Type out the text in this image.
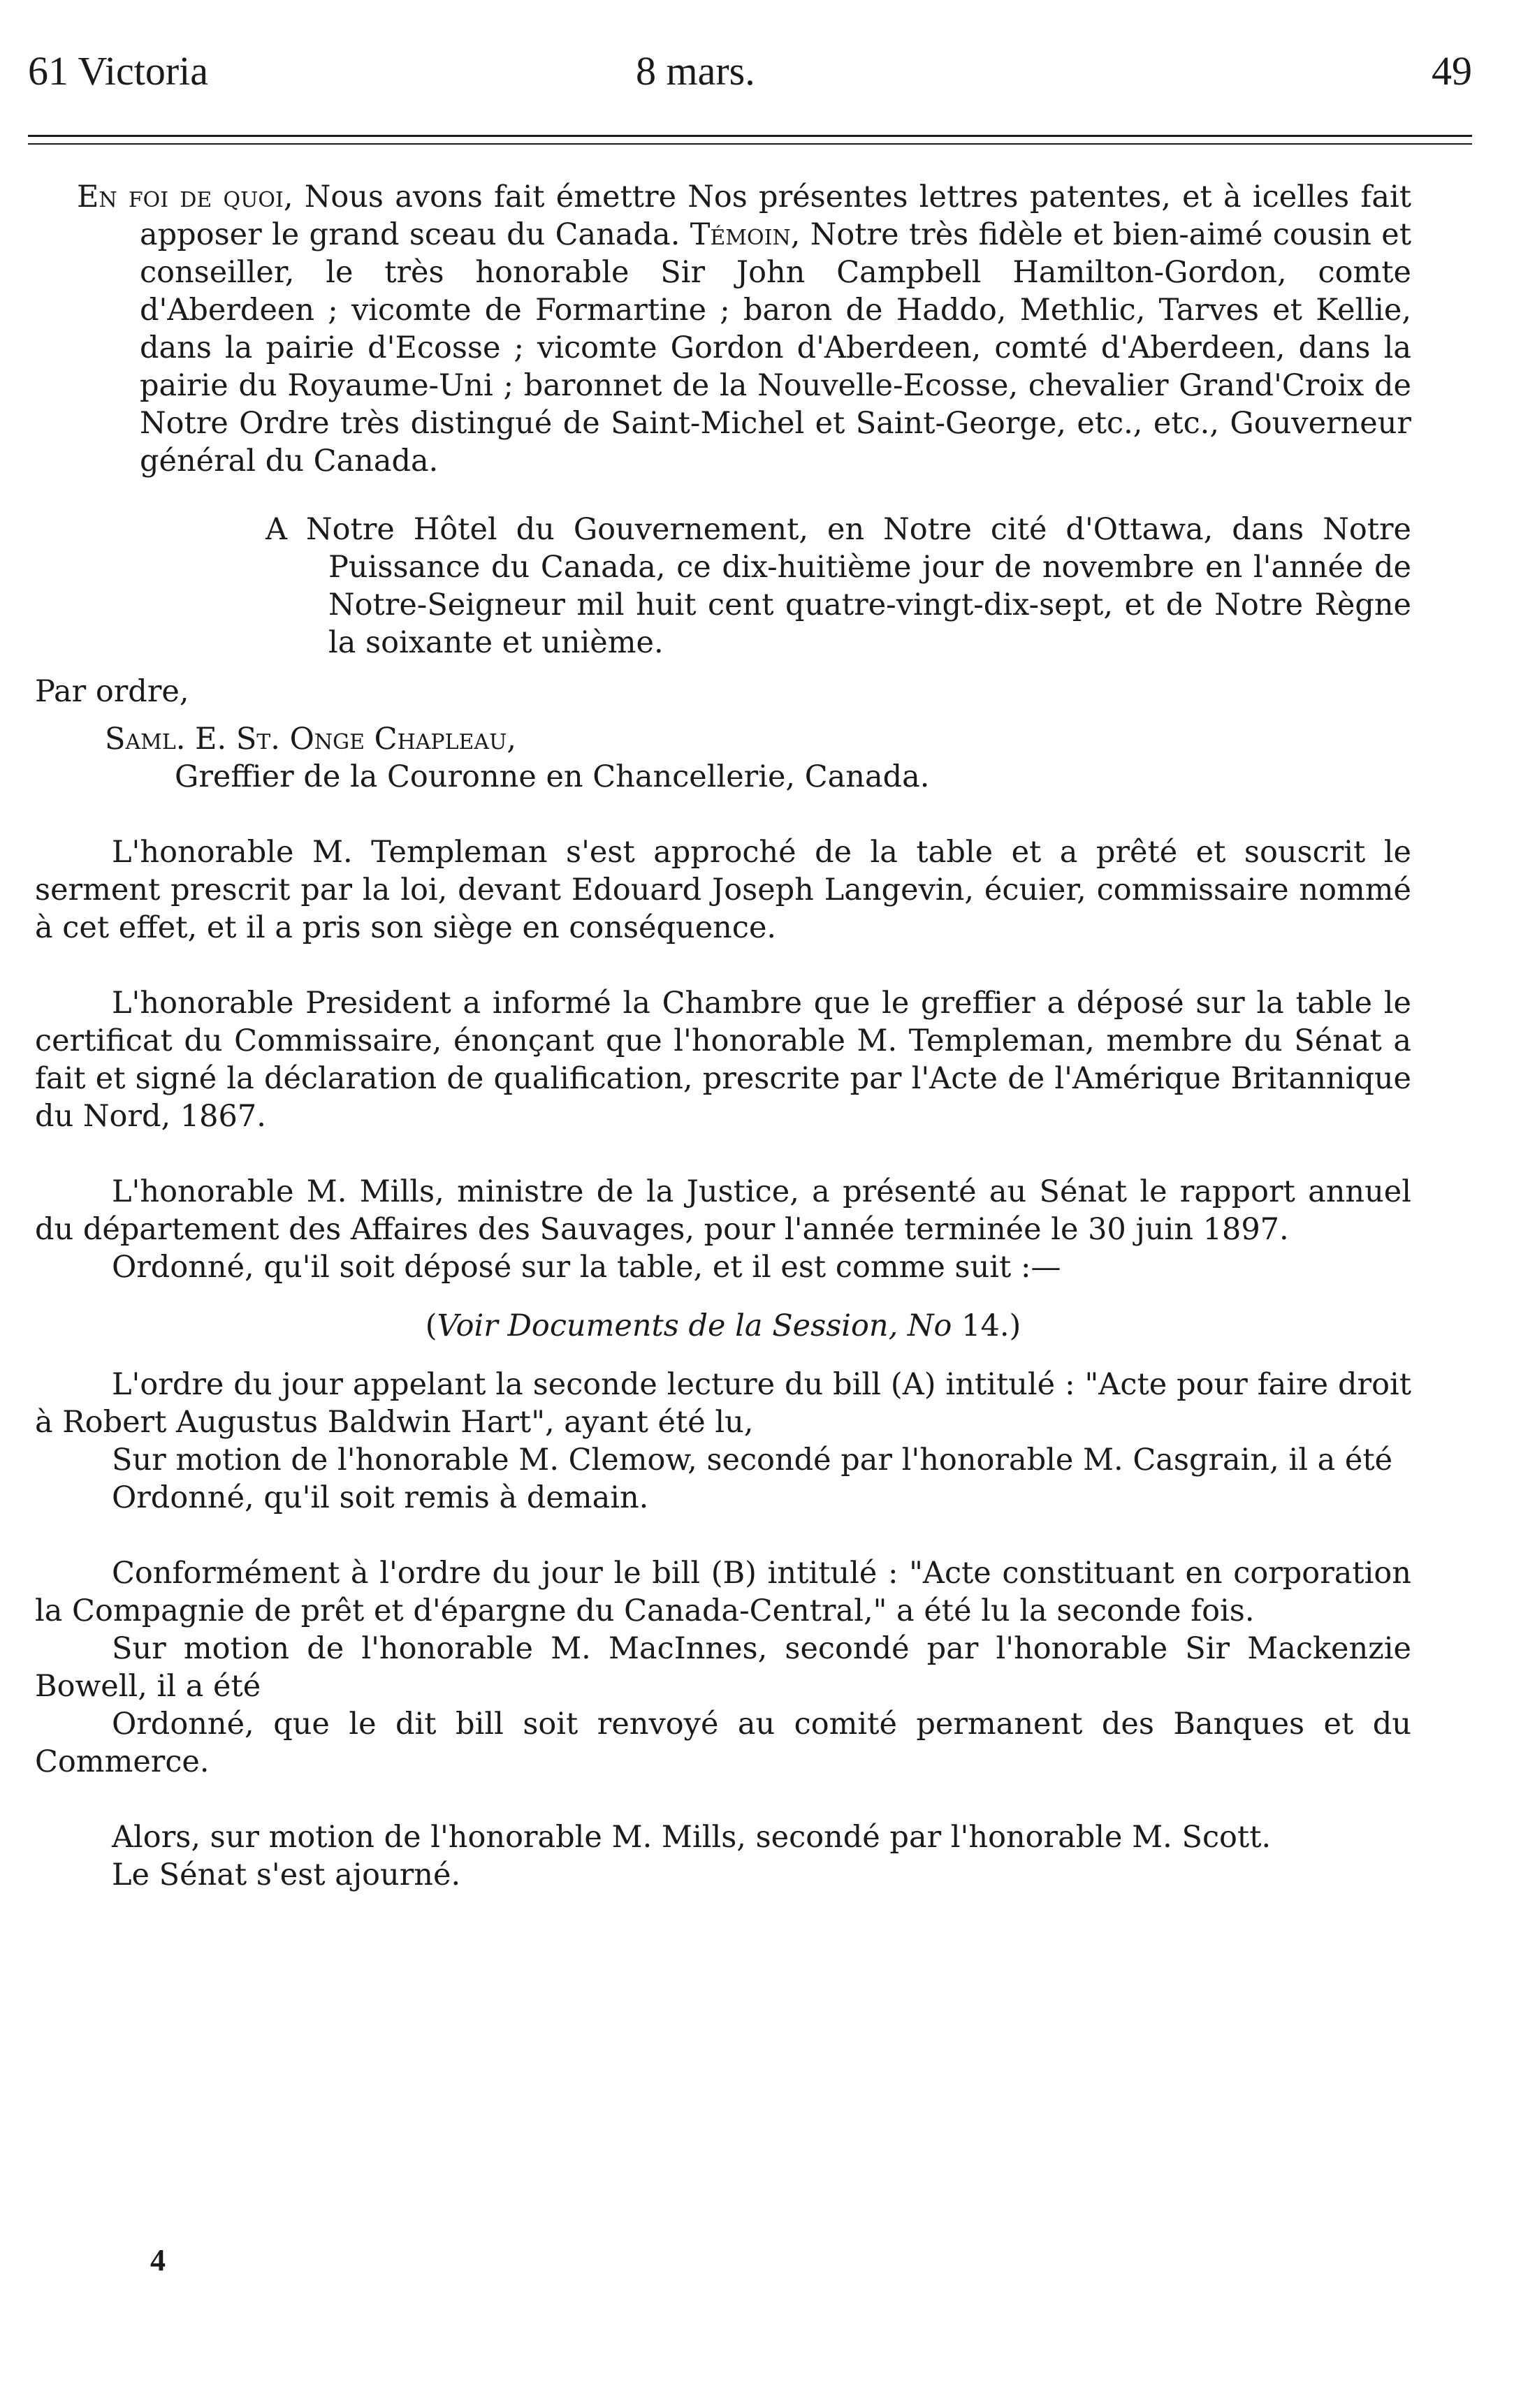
61 Victoria	8 mars.	49

En foi de quoi, Nous avons fait émettre Nos présentes lettres patentes, et à icelles fait apposer le grand sceau du Canada. Témoin, Notre très fidèle et bien-aimé cousin et conseiller, le très honorable Sir John Campbell Hamilton-Gordon, comte d'Aberdeen ; vicomte de Formartine ; baron de Haddo, Methlic, Tarves et Kellie, dans la pairie d'Ecosse ; vicomte Gordon d'Aberdeen, comté d'Aberdeen, dans la pairie du Royaume-Uni ; baronnet de la Nouvelle-Ecosse, chevalier Grand'Croix de Notre Ordre très distingué de Saint-Michel et Saint-George, etc., etc., Gouverneur général du Canada.

A Notre Hôtel du Gouvernement, en Notre cité d'Ottawa, dans Notre Puissance du Canada, ce dix-huitième jour de novembre en l'année de Notre-Seigneur mil huit cent quatre-vingt-dix-sept, et de Notre Règne la soixante et unième.

Par ordre,

Saml. E. St. Onge Chapleau,

Greffier de la Couronne en Chancellerie, Canada.

L'honorable M. Templeman s'est approché de la table et a prêté et souscrit le serment prescrit par la loi, devant Edouard Joseph Langevin, écuier, commissaire nommé à cet effet, et il a pris son siège en conséquence.

L'honorable President a informé la Chambre que le greffier a déposé sur la table le certificat du Commissaire, énonçant que l'honorable M. Templeman, membre du Sénat a fait et signé la déclaration de qualification, prescrite par l'Acte de l'Amérique Britannique du Nord, 1867.

L'honorable M. Mills, ministre de la Justice, a présenté au Sénat le rapport annuel du département des Affaires des Sauvages, pour l'année terminée le 30 juin 1897.

Ordonné, qu'il soit déposé sur la table, et il est comme suit :—

(Voir Documents de la Session, No 14.)

L'ordre du jour appelant la seconde lecture du bill (A) intitulé : "Acte pour faire droit à Robert Augustus Baldwin Hart", ayant été lu,

Sur motion de l'honorable M. Clemow, secondé par l'honorable M. Casgrain, il a été

Ordonné, qu'il soit remis à demain.

Conformément à l'ordre du jour le bill (B) intitulé : "Acte constituant en corporation la Compagnie de prêt et d'épargne du Canada-Central," a été lu la seconde fois.

Sur motion de l'honorable M. MacInnes, secondé par l'honorable Sir Mackenzie Bowell, il a été

Ordonné, que le dit bill soit renvoyé au comité permanent des Banques et du Commerce.

Alors, sur motion de l'honorable M. Mills, secondé par l'honorable M. Scott.

Le Sénat s'est ajourné.

4
